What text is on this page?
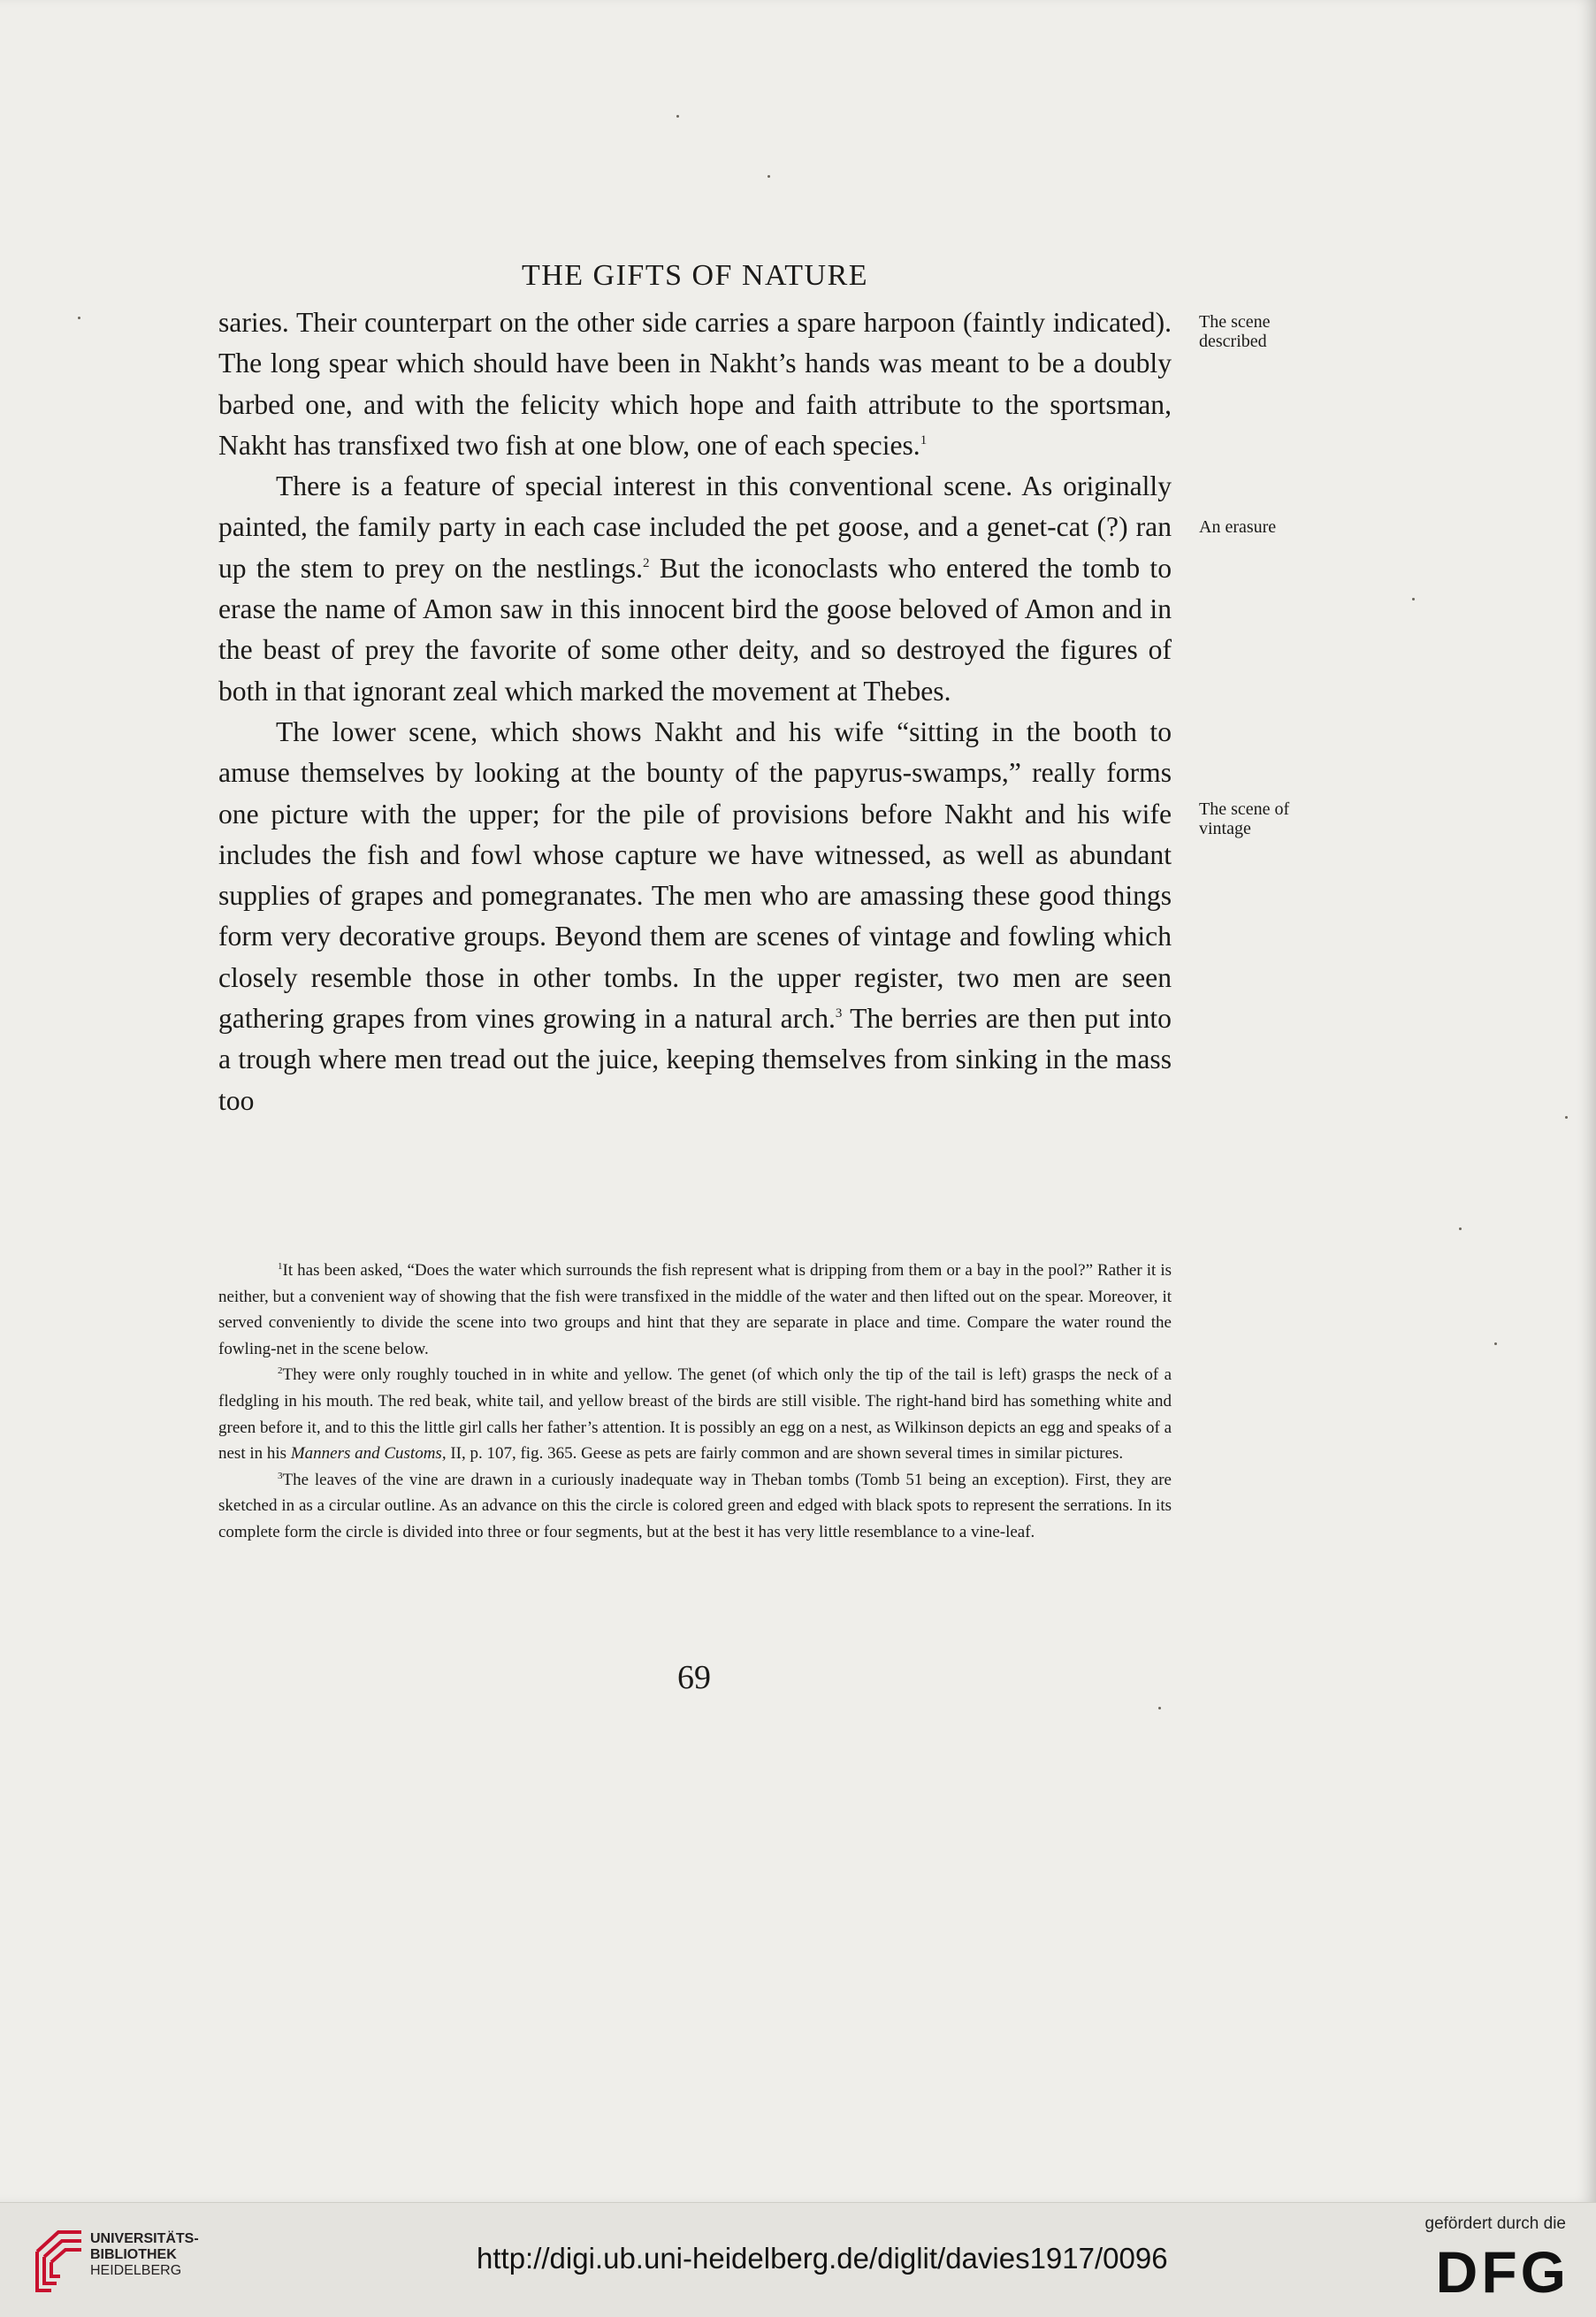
THE GIFTS OF NATURE

saries. Their counterpart on the other side carries a spare harpoon (faintly indicated). The long spear which should have been in Nakht’s hands was meant to be a doubly barbed one, and with the felicity which hope and faith attribute to the sportsman, Nakht has transfixed two fish at one blow, one of each species.$^1$

There is a feature of special interest in this conventional scene. As originally painted, the family party in each case included the pet goose, and a genet-cat (?) ran up the stem to prey on the nestlings.$^2$ But the iconoclasts who entered the tomb to erase the name of Amon saw in this innocent bird the goose beloved of Amon and in the beast of prey the favorite of some other deity, and so destroyed the figures of both in that ignorant zeal which marked the movement at Thebes.

The lower scene, which shows Nakht and his wife “sitting in the booth to amuse themselves by looking at the bounty of the papyrus-swamps,” really forms one picture with the upper; for the pile of provisions before Nakht and his wife includes the fish and fowl whose capture we have witnessed, as well as abundant supplies of grapes and pomegranates. The men who are amassing these good things form very decorative groups. Beyond them are scenes of vintage and fowling which closely resemble those in other tombs. In the upper register, two men are seen gathering grapes from vines growing in a natural arch.$^3$ The berries are then put into a trough where men tread out the juice, keeping themselves from sinking in the mass too

The scene
described
An erasure
The scene of
vintage

$^1$It has been asked, “Does the water which surrounds the fish represent what is dripping from them or a bay in the pool?” Rather it is neither, but a convenient way of showing that the fish were transfixed in the middle of the water and then lifted out on the spear. Moreover, it served conveniently to divide the scene into two groups and hint that they are separate in place and time. Compare the water round the fowling-net in the scene below.

$^2$They were only roughly touched in in white and yellow. The genet (of which only the tip of the tail is left) grasps the neck of a fledgling in his mouth. The red beak, white tail, and yellow breast of the birds are still visible. The right-hand bird has something white and green before it, and to this the little girl calls her father’s attention. It is possibly an egg on a nest, as Wilkinson depicts an egg and speaks of a nest in his Manners and Customs, II, p. 107, fig. 365. Geese as pets are fairly common and are shown several times in similar pictures.

$^3$The leaves of the vine are drawn in a curiously inadequate way in Theban tombs (Tomb 51 being an exception). First, they are sketched in as a circular outline. As an advance on this the circle is colored green and edged with black spots to represent the serrations. In its complete form the circle is divided into three or four segments, but at the best it has very little resemblance to a vine-leaf.

69
UNIVERSITÄTS-
BIBLIOTHEK
HEIDELBERG	http://digi.ub.uni-heidelberg.de/diglit/davies1917/0096
gefördert durch die
DFG
